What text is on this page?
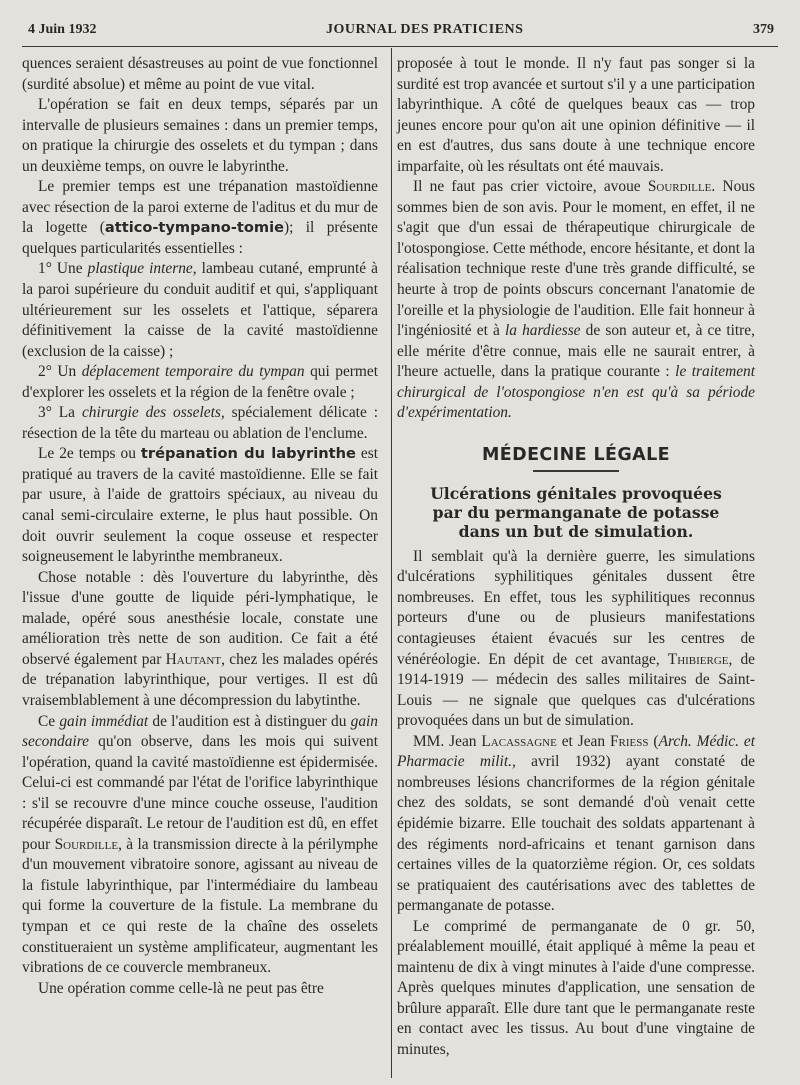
4 Juin 1932	JOURNAL DES PRATICIENS	379

quences seraient désastreuses au point de vue fonctionnel (surdité absolue) et même au point de vue vital.

L'opération se fait en deux temps, séparés par un intervalle de plusieurs semaines : dans un premier temps, on pratique la chirurgie des osselets et du tympan ; dans un deuxième temps, on ouvre le labyrinthe.

Le premier temps est une trépanation mastoïdienne avec résection de la paroi externe de l'aditus et du mur de la logette (attico-tympano-tomie); il présente quelques particularités essentielles :

1° Une plastique interne, lambeau cutané, emprunté à la paroi supérieure du conduit auditif et qui, s'appliquant ultérieurement sur les osselets et l'attique, séparera définitivement la caisse de la cavité mastoïdienne (exclusion de la caisse) ;

2° Un déplacement temporaire du tympan qui permet d'explorer les osselets et la région de la fenêtre ovale ;

3° La chirurgie des osselets, spécialement délicate : résection de la tête du marteau ou ablation de l'enclume.

Le 2e temps ou trépanation du labyrinthe est pratiqué au travers de la cavité mastoïdienne. Elle se fait par usure, à l'aide de grattoirs spéciaux, au niveau du canal semi-circulaire externe, le plus haut possible. On doit ouvrir seulement la coque osseuse et respecter soigneusement le labyrinthe membraneux.

Chose notable : dès l'ouverture du labyrinthe, dès l'issue d'une goutte de liquide péri-lymphatique, le malade, opéré sous anesthésie locale, constate une amélioration très nette de son audition. Ce fait a été observé également par Hautant, chez les malades opérés de trépanation labyrinthique, pour vertiges. Il est dû vraisemblablement à une décompression du labytinthe.

Ce gain immédiat de l'audition est à distinguer du gain secondaire qu'on observe, dans les mois qui suivent l'opération, quand la cavité mastoïdienne est épidermisée. Celui-ci est commandé par l'état de l'orifice labyrinthique : s'il se recouvre d'une mince couche osseuse, l'audition récupérée disparaît. Le retour de l'audition est dû, en effet pour Sourdille, à la transmission directe à la périlymphe d'un mouvement vibratoire sonore, agissant au niveau de la fistule labyrinthique, par l'intermédiaire du lambeau qui forme la couverture de la fistule. La membrane du tympan et ce qui reste de la chaîne des osselets constitueraient un système amplificateur, augmentant les vibrations de ce couvercle membraneux.

Une opération comme celle-là ne peut pas être

proposée à tout le monde. Il n'y faut pas songer si la surdité est trop avancée et surtout s'il y a une participation labyrinthique. A côté de quelques beaux cas — trop jeunes encore pour qu'on ait une opinion définitive — il en est d'autres, dus sans doute à une technique encore imparfaite, où les résultats ont été mauvais.

Il ne faut pas crier victoire, avoue Sourdille. Nous sommes bien de son avis. Pour le moment, en effet, il ne s'agit que d'un essai de thérapeutique chirurgicale de l'otospongiose. Cette méthode, encore hésitante, et dont la réalisation technique reste d'une très grande difficulté, se heurte à trop de points obscurs concernant l'anatomie de l'oreille et la physiologie de l'audition. Elle fait honneur à l'ingéniosité et à la hardiesse de son auteur et, à ce titre, elle mérite d'être connue, mais elle ne saurait entrer, à l'heure actuelle, dans la pratique courante : le traitement chirurgical de l'otospongiose n'en est qu'à sa période d'expérimentation.

MÉDECINE LÉGALE
Ulcérations génitales provoquées
par du permanganate de potasse
dans un but de simulation.

Il semblait qu'à la dernière guerre, les simulations d'ulcérations syphilitiques génitales dussent être nombreuses. En effet, tous les syphilitiques reconnus porteurs d'une ou de plusieurs manifestations contagieuses étaient évacués sur les centres de vénéréologie. En dépit de cet avantage, Thibierge, de 1914-1919 — médecin des salles militaires de Saint-Louis — ne signale que quelques cas d'ulcérations provoquées dans un but de simulation.

MM. Jean Lacassagne et Jean Friess (Arch. Médic. et Pharmacie milit., avril 1932) ayant constaté de nombreuses lésions chancriformes de la région génitale chez des soldats, se sont demandé d'où venait cette épidémie bizarre. Elle touchait des soldats appartenant à des régiments nord-africains et tenant garnison dans certaines villes de la quatorzième région. Or, ces soldats se pratiquaient des cautérisations avec des tablettes de permanganate de potasse.

Le comprimé de permanganate de 0 gr. 50, préalablement mouillé, était appliqué à même la peau et maintenu de dix à vingt minutes à l'aide d'une compresse. Après quelques minutes d'application, une sensation de brûlure apparaît. Elle dure tant que le permanganate reste en contact avec les tissus. Au bout d'une vingtaine de minutes,
